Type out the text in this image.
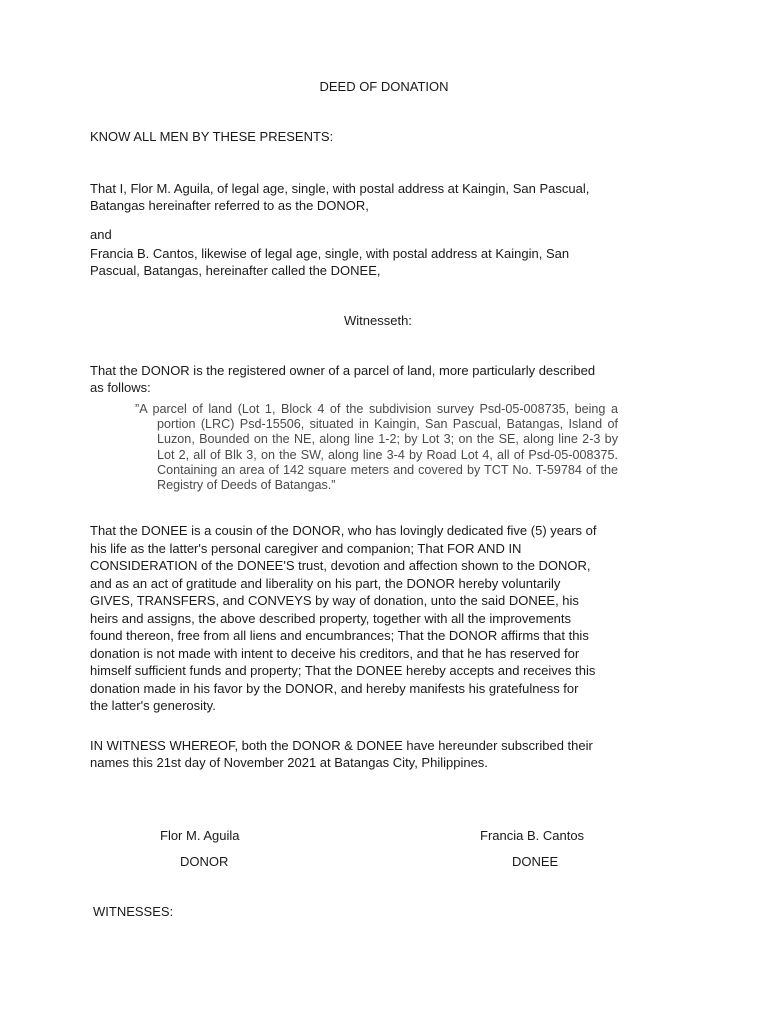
DEED OF DONATION
KNOW ALL MEN BY THESE PRESENTS:
That I, Flor M. Aguila, of legal age, single, with postal address at Kaingin, San Pascual,
Batangas hereinafter referred to as the DONOR,
and
Francia B. Cantos, likewise of legal age, single, with postal address at Kaingin, San
Pascual, Batangas, hereinafter called the DONEE,
Witnesseth:
That the DONOR is the registered owner of a parcel of land, more particularly described
as follows:
”A parcel of land (Lot 1, Block 4 of the subdivision survey Psd-05-008735, being a portion (LRC) Psd-15506, situated in Kaingin, San Pascual, Batangas, Island of Luzon, Bounded on the NE, along line 1-2; by Lot 3; on the SE, along line 2-3 by Lot 2, all of Blk 3, on the SW, along line 3-4 by Road Lot 4, all of Psd-05-008375. Containing an area of 142 square meters and covered by TCT No. T-59784 of the Registry of Deeds of Batangas.”
That the DONEE is a cousin of the DONOR, who has lovingly dedicated five (5) years of
his life as the latter's personal caregiver and companion; That FOR AND IN
CONSIDERATION of the DONEE'S trust, devotion and affection shown to the DONOR,
and as an act of gratitude and liberality on his part, the DONOR hereby voluntarily
GIVES, TRANSFERS, and CONVEYS by way of donation, unto the said DONEE, his
heirs and assigns, the above described property, together with all the improvements
found thereon, free from all liens and encumbrances; That the DONOR affirms that this
donation is not made with intent to deceive his creditors, and that he has reserved for
himself sufficient funds and property; That the DONEE hereby accepts and receives this
donation made in his favor by the DONOR, and hereby manifests his gratefulness for
the latter's generosity.
IN WITNESS WHEREOF, both the DONOR & DONEE have hereunder subscribed their
names this 21st day of November 2021 at Batangas City, Philippines.
Flor M. Aguila
DONOR
Francia B. Cantos
DONEE
WITNESSES:
